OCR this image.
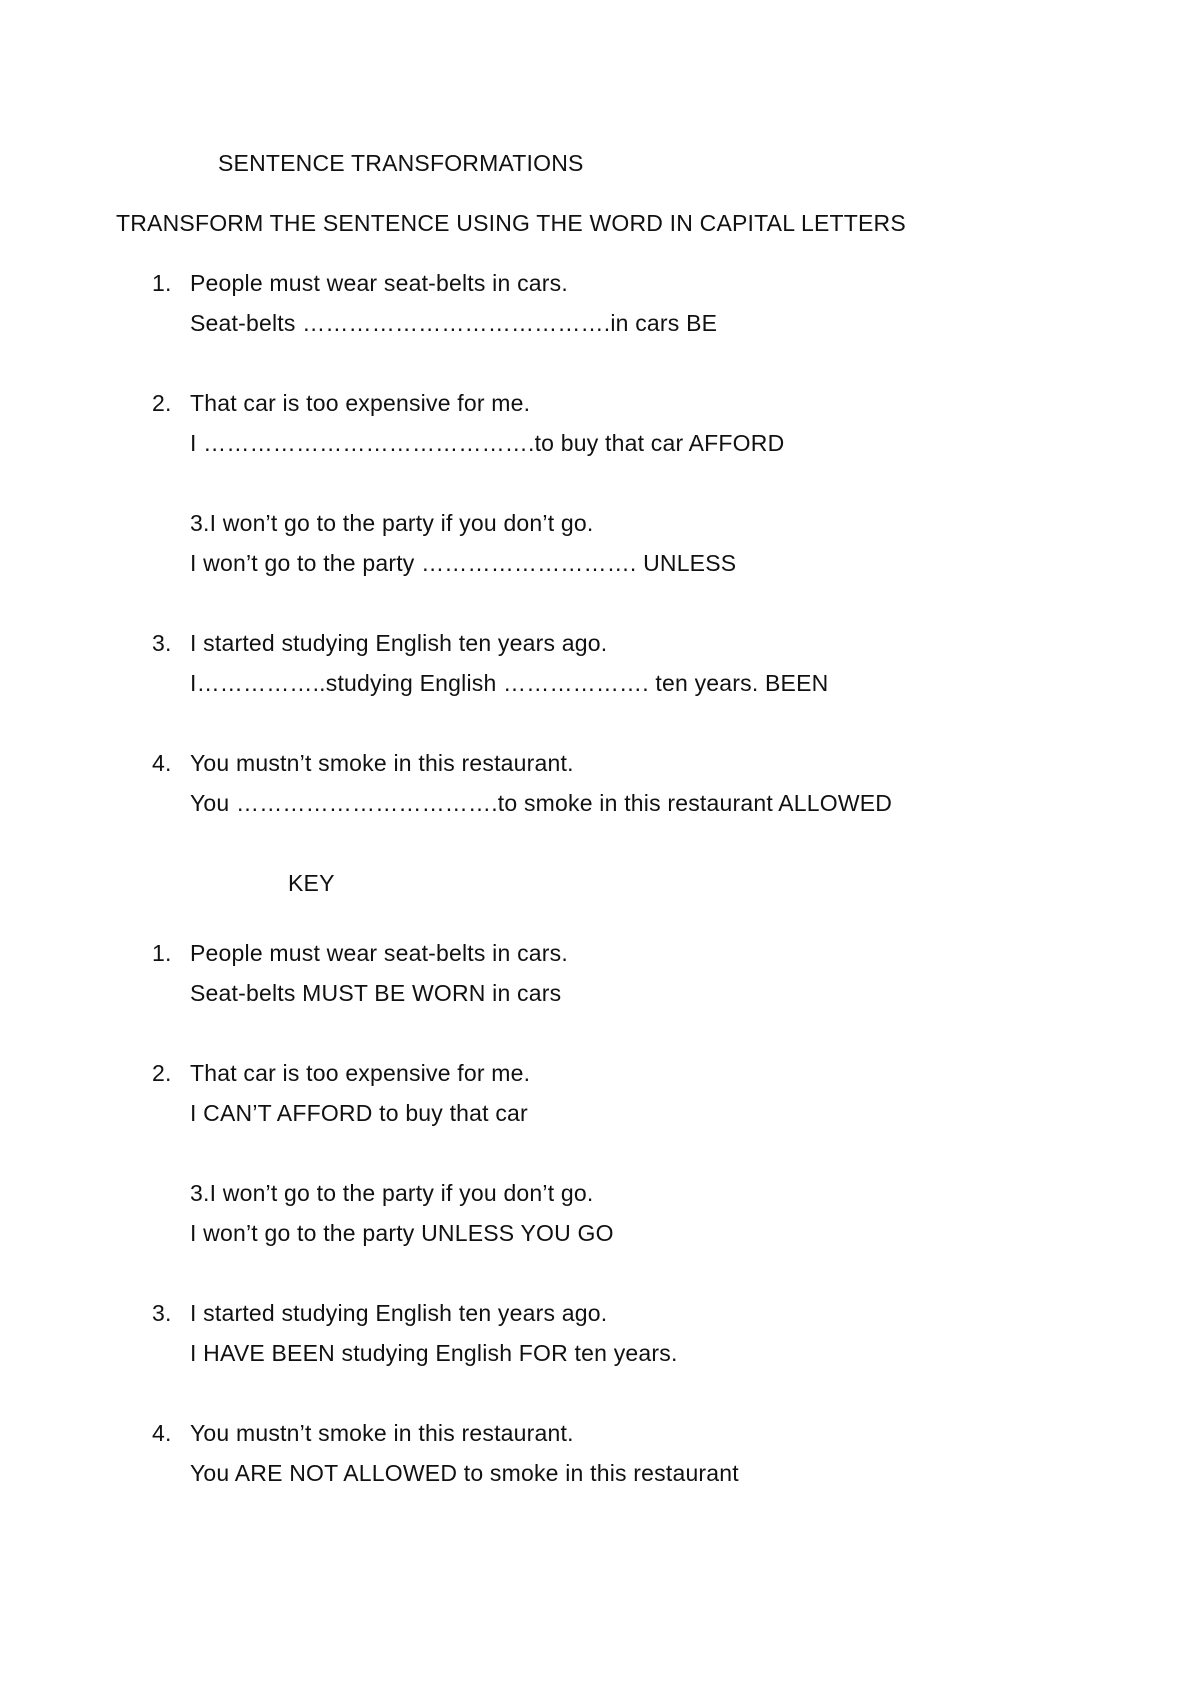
SENTENCE TRANSFORMATIONS
TRANSFORM THE SENTENCE USING THE WORD IN CAPITAL LETTERS
1. People must wear seat-belts in cars.
Seat-belts ………………………………….in cars BE
2. That car is too expensive for me.
I …………………………………….to buy that car AFFORD
3.I won’t go to the party if you don’t go.
I won’t go to the party ………………………. UNLESS
3. I started studying English ten years ago.
I……………..studying English ………………. ten years. BEEN
4. You mustn’t smoke in this restaurant.
You …………………………….to smoke in this restaurant ALLOWED
KEY
1. People must wear seat-belts in cars.
Seat-belts MUST BE WORN in cars
2. That car is too expensive for me.
I CAN’T AFFORD to buy that car
3.I won’t go to the party if you don’t go.
I won’t go to the party UNLESS YOU GO
3. I started studying English ten years ago.
I HAVE BEEN studying English FOR ten years.
4. You mustn’t smoke in this restaurant.
You ARE NOT ALLOWED to smoke in this restaurant
